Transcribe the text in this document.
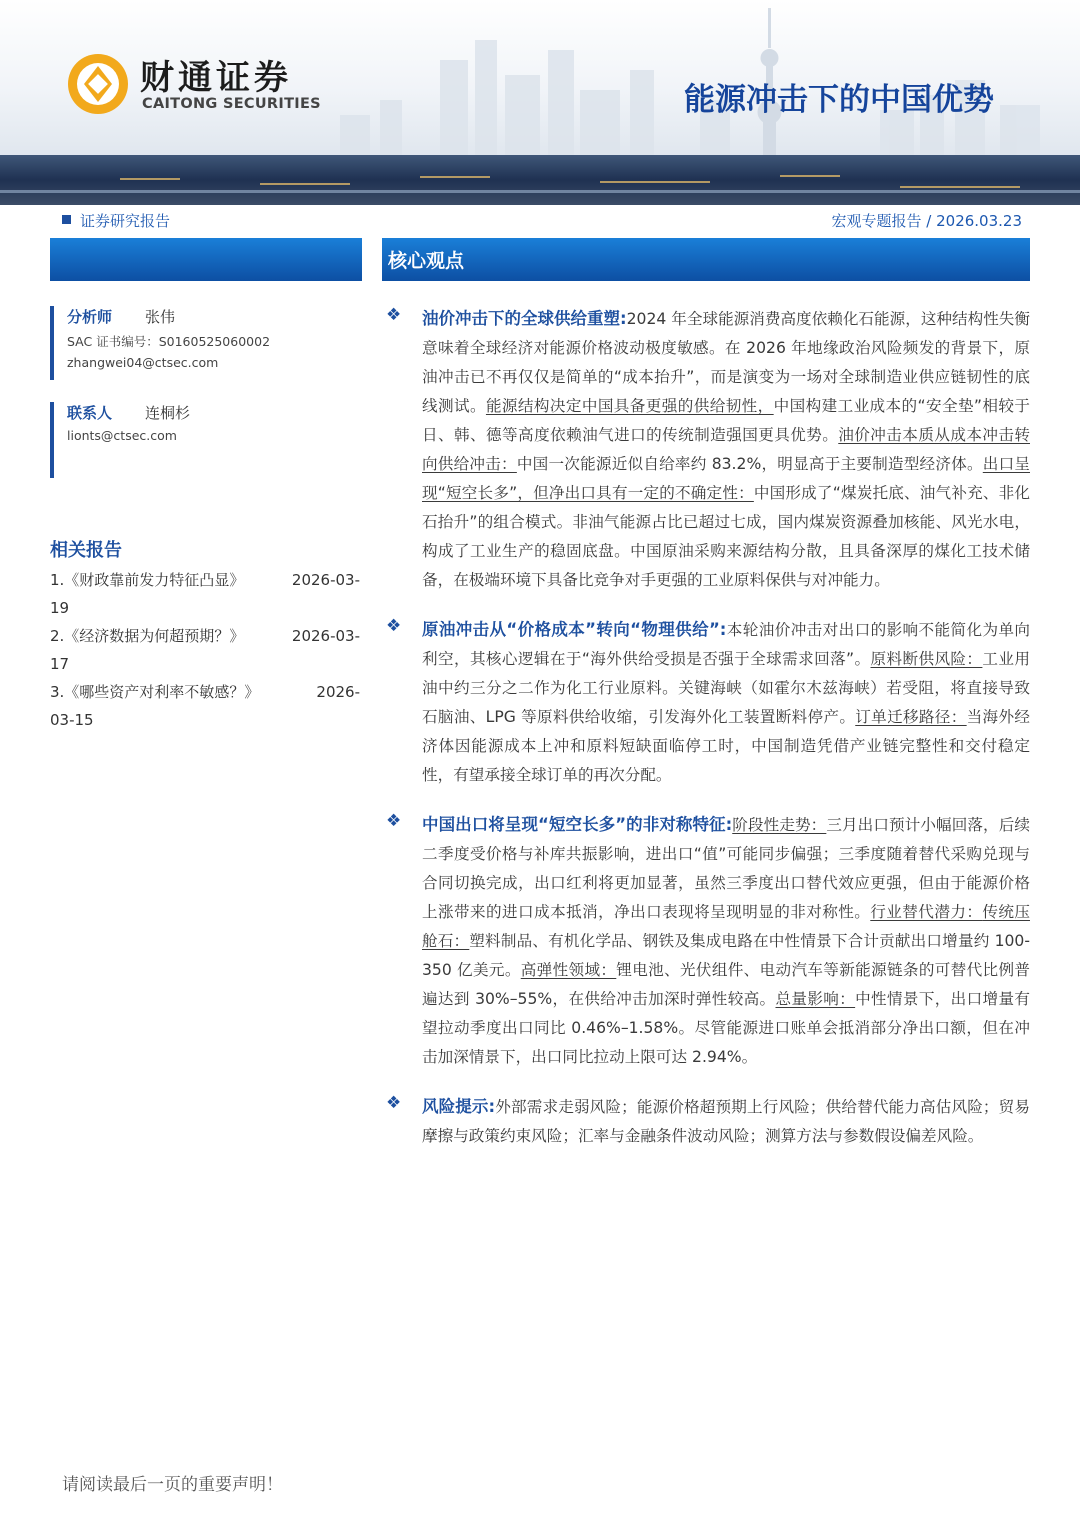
财通证券
CAITONG SECURITIES	能源冲击下的中国优势
证券研究报告	宏观专题报告 / 2026.03.23
核心观点
分析师 张伟
SAC 证书编号：S0160525060002
zhangwei04@ctsec.com
联系人 连桐杉
lionts@ctsec.com
相关报告
1.《财政靠前发力特征凸显》	2026-03-
19
2.《经济数据为何超预期？》	2026-03-
17
3.《哪些资产对利率不敏感？》	2026-
03-15
❖ 油价冲击下的全球供给重塑:2024 年全球能源消费高度依赖化石能源，这种结构性失衡意味着全球经济对能源价格波动极度敏感。在 2026 年地缘政治风险频发的背景下，原油冲击已不再仅仅是简单的“成本抬升”，而是演变为一场对全球制造业供应链韧性的底线测试。能源结构决定中国具备更强的供给韧性，中国构建工业成本的“安全垫”相较于日、韩、德等高度依赖油气进口的传统制造强国更具优势。油价冲击本质从成本冲击转向供给冲击：中国一次能源近似自给率约 83.2%，明显高于主要制造型经济体。出口呈现“短空长多”，但净出口具有一定的不确定性：中国形成了“煤炭托底、油气补充、非化石抬升”的组合模式。非油气能源占比已超过七成，国内煤炭资源叠加核能、风光水电，构成了工业生产的稳固底盘。中国原油采购来源结构分散，且具备深厚的煤化工技术储备，在极端环境下具备比竞争对手更强的工业原料保供与对冲能力。

❖ 原油冲击从“价格成本”转向“物理供给”:本轮油价冲击对出口的影响不能简化为单向利空，其核心逻辑在于“海外供给受损是否强于全球需求回落”。原料断供风险：工业用油中约三分之二作为化工行业原料。关键海峡（如霍尔木兹海峡）若受阻，将直接导致石脑油、LPG 等原料供给收缩，引发海外化工装置断料停产。订单迁移路径：当海外经济体因能源成本上冲和原料短缺面临停工时，中国制造凭借产业链完整性和交付稳定性，有望承接全球订单的再次分配。

❖ 中国出口将呈现“短空长多”的非对称特征:阶段性走势：三月出口预计小幅回落，后续二季度受价格与补库共振影响，进出口“值”可能同步偏强；三季度随着替代采购兑现与合同切换完成，出口红利将更加显著，虽然三季度出口替代效应更强，但由于能源价格上涨带来的进口成本抵消，净出口表现将呈现明显的非对称性。行业替代潜力：传统压舱石：塑料制品、有机化学品、钢铁及集成电路在中性情景下合计贡献出口增量约 100-350 亿美元。高弹性领域：锂电池、光伏组件、电动汽车等新能源链条的可替代比例普遍达到 30%–55%，在供给冲击加深时弹性较高。总量影响：中性情景下，出口增量有望拉动季度出口同比 0.46%–1.58%。尽管能源进口账单会抵消部分净出口额，但在冲击加深情景下，出口同比拉动上限可达 2.94%。

❖ 风险提示:外部需求走弱风险；能源价格超预期上行风险；供给替代能力高估风险；贸易摩擦与政策约束风险；汇率与金融条件波动风险；测算方法与参数假设偏差风险。

请阅读最后一页的重要声明！
